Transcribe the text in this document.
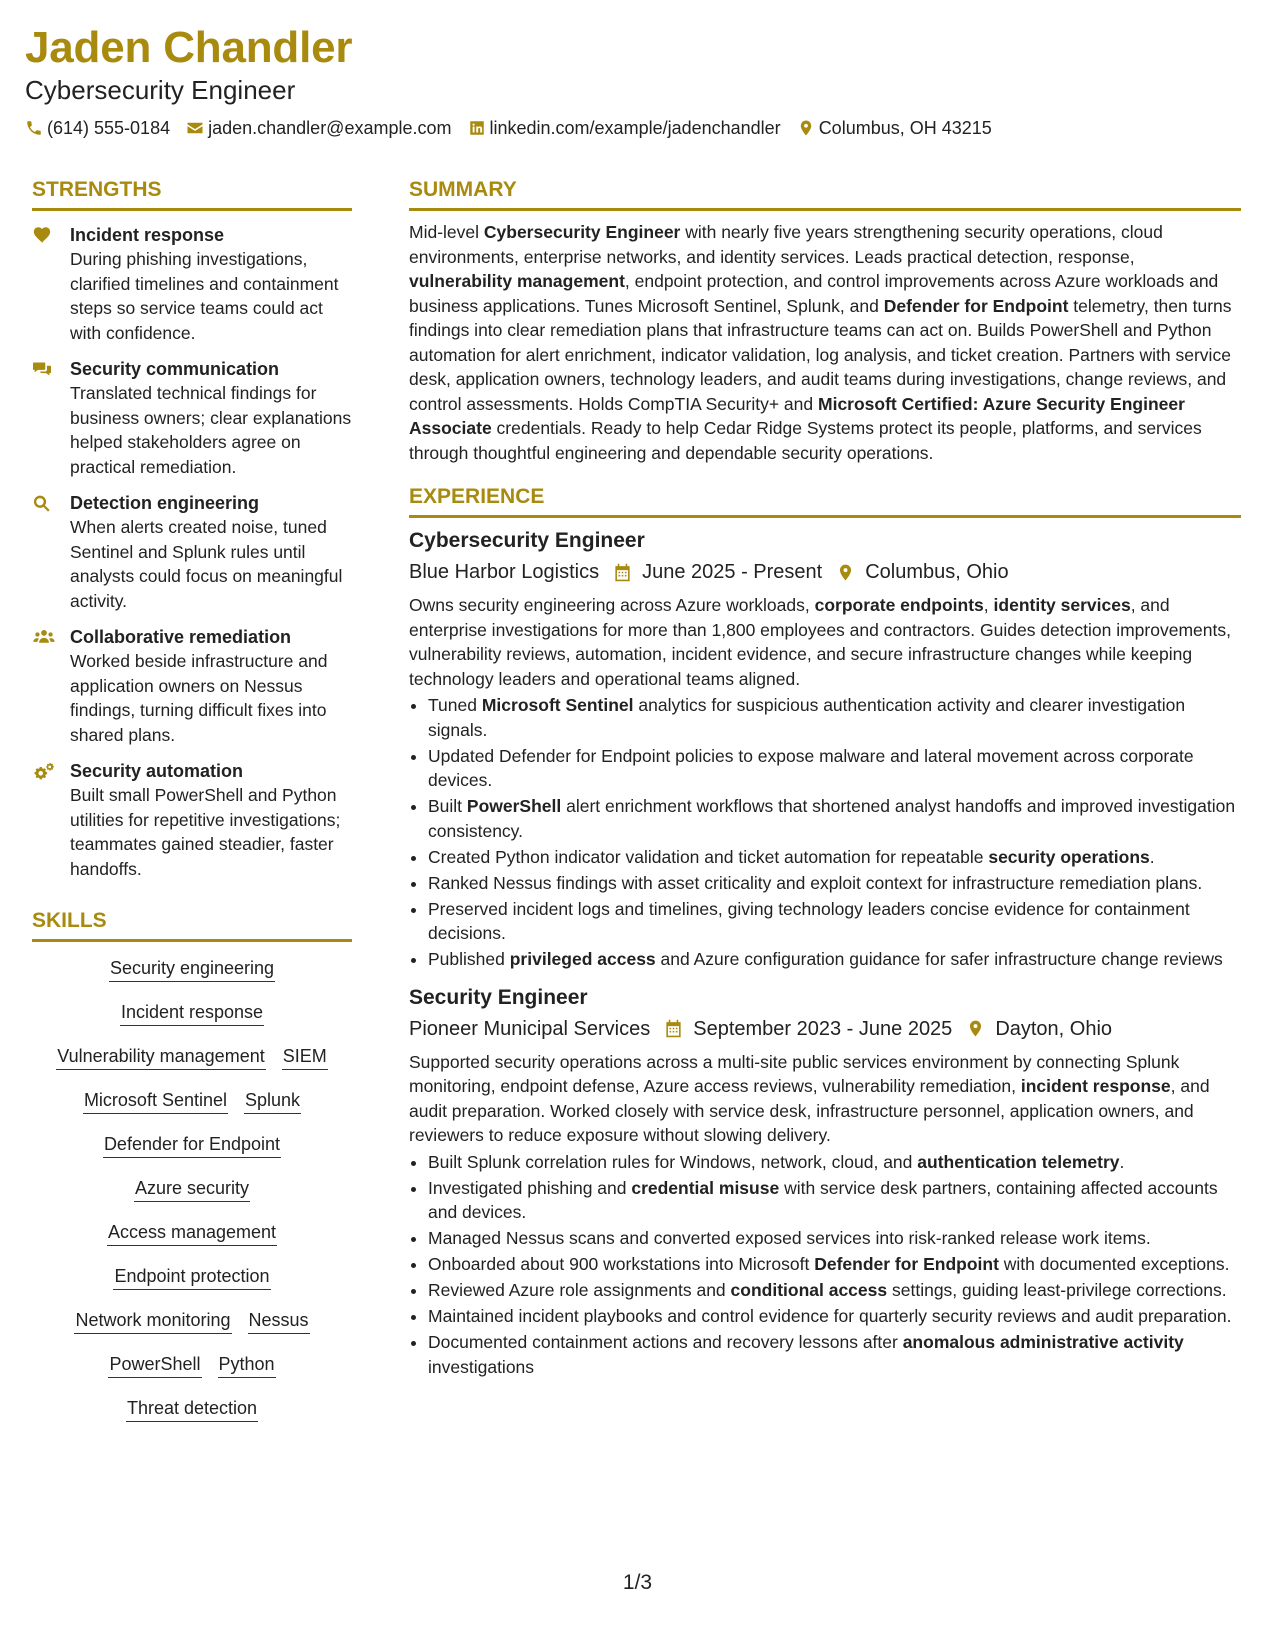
Jaden Chandler
Cybersecurity Engineer
(614) 555-0184 jaden.chandler@example.com linkedin.com/example/jadenchandler Columbus, OH 43215
STRENGTHS
Incident response
During phishing investigations, clarified timelines and containment steps so service teams could act with confidence.
Security communication
Translated technical findings for business owners; clear explanations helped stakeholders agree on practical remediation.
Detection engineering
When alerts created noise, tuned Sentinel and Splunk rules until analysts could focus on meaningful activity.
Collaborative remediation
Worked beside infrastructure and application owners on Nessus findings, turning difficult fixes into shared plans.
Security automation
Built small PowerShell and Python utilities for repetitive investigations; teammates gained steadier, faster handoffs.
SKILLS
Security engineering
Incident response
Vulnerability management SIEM
Microsoft Sentinel Splunk
Defender for Endpoint
Azure security
Access management
Endpoint protection
Network monitoring Nessus
PowerShell Python
Threat detection
SUMMARY
Mid-level Cybersecurity Engineer with nearly five years strengthening security operations, cloud environments, enterprise networks, and identity services. Leads practical detection, response, vulnerability management, endpoint protection, and control improvements across Azure workloads and business applications. Tunes Microsoft Sentinel, Splunk, and Defender for Endpoint telemetry, then turns findings into clear remediation plans that infrastructure teams can act on. Builds PowerShell and Python automation for alert enrichment, indicator validation, log analysis, and ticket creation. Partners with service desk, application owners, technology leaders, and audit teams during investigations, change reviews, and control assessments. Holds CompTIA Security+ and Microsoft Certified: Azure Security Engineer Associate credentials. Ready to help Cedar Ridge Systems protect its people, platforms, and services through thoughtful engineering and dependable security operations.
EXPERIENCE
Cybersecurity Engineer
Blue Harbor Logistics June 2025 - Present Columbus, Ohio
Owns security engineering across Azure workloads, corporate endpoints, identity services, and enterprise investigations for more than 1,800 employees and contractors. Guides detection improvements, vulnerability reviews, automation, incident evidence, and secure infrastructure changes while keeping technology leaders and operational teams aligned.
• Tuned Microsoft Sentinel analytics for suspicious authentication activity and clearer investigation signals.
• Updated Defender for Endpoint policies to expose malware and lateral movement across corporate devices.
• Built PowerShell alert enrichment workflows that shortened analyst handoffs and improved investigation consistency.
• Created Python indicator validation and ticket automation for repeatable security operations.
• Ranked Nessus findings with asset criticality and exploit context for infrastructure remediation plans.
• Preserved incident logs and timelines, giving technology leaders concise evidence for containment decisions.
• Published privileged access and Azure configuration guidance for safer infrastructure change reviews
Security Engineer
Pioneer Municipal Services September 2023 - June 2025 Dayton, Ohio
Supported security operations across a multi-site public services environment by connecting Splunk monitoring, endpoint defense, Azure access reviews, vulnerability remediation, incident response, and audit preparation. Worked closely with service desk, infrastructure personnel, application owners, and reviewers to reduce exposure without slowing delivery.
• Built Splunk correlation rules for Windows, network, cloud, and authentication telemetry.
• Investigated phishing and credential misuse with service desk partners, containing affected accounts and devices.
• Managed Nessus scans and converted exposed services into risk-ranked release work items.
• Onboarded about 900 workstations into Microsoft Defender for Endpoint with documented exceptions.
• Reviewed Azure role assignments and conditional access settings, guiding least-privilege corrections.
• Maintained incident playbooks and control evidence for quarterly security reviews and audit preparation.
• Documented containment actions and recovery lessons after anomalous administrative activity investigations
1/3
